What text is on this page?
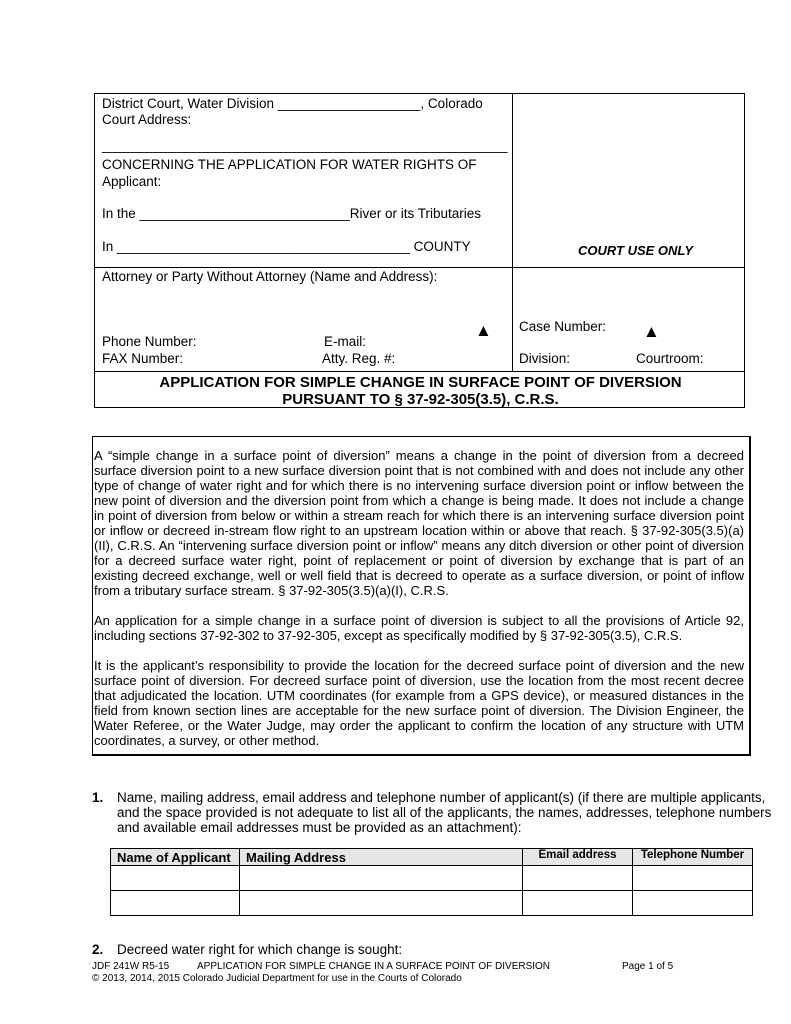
District Court, Water Division ___________________, Colorado
Court Address:
______________________________________________________
CONCERNING THE APPLICATION FOR WATER RIGHTS OF
Applicant:
In the ____________________________River or its Tributaries
In _______________________________________ COUNTY	COURT USE ONLY
Attorney or Party Without Attorney (Name and Address):
▲
Phone Number:	E-mail:
FAX Number:	Atty. Reg. #:
Case Number: ▲
Division:	Courtroom:
APPLICATION FOR SIMPLE CHANGE IN SURFACE POINT OF DIVERSION
PURSUANT TO § 37-92-305(3.5), C.R.S.
A “simple change in a surface point of diversion” means a change in the point of diversion from a decreed surface diversion point to a new surface diversion point that is not combined with and does not include any other type of change of water right and for which there is no intervening surface diversion point or inflow between the new point of diversion and the diversion point from which a change is being made. It does not include a change in point of diversion from below or within a stream reach for which there is an intervening surface diversion point or inflow or decreed in-stream flow right to an upstream location within or above that reach. § 37-92-305(3.5)(a)(II), C.R.S. An “intervening surface diversion point or inflow” means any ditch diversion or other point of diversion for a decreed surface water right, point of replacement or point of diversion by exchange that is part of an existing decreed exchange, well or well field that is decreed to operate as a surface diversion, or point of inflow from a tributary surface stream. § 37-92-305(3.5)(a)(I), C.R.S.
An application for a simple change in a surface point of diversion is subject to all the provisions of Article 92, including sections 37-92-302 to 37-92-305, except as specifically modified by § 37-92-305(3.5), C.R.S.
It is the applicant’s responsibility to provide the location for the decreed surface point of diversion and the new surface point of diversion. For decreed surface point of diversion, use the location from the most recent decree that adjudicated the location. UTM coordinates (for example from a GPS device), or measured distances in the field from known section lines are acceptable for the new surface point of diversion. The Division Engineer, the Water Referee, or the Water Judge, may order the applicant to confirm the location of any structure with UTM coordinates, a survey, or other method.
1. Name, mailing address, email address and telephone number of applicant(s) (if there are multiple applicants,
and the space provided is not adequate to list all of the applicants, the names, addresses, telephone numbers
and available email addresses must be provided as an attachment):
Name of Applicant	Mailing Address	Email address	Telephone Number

2. Decreed water right for which change is sought:
JDF 241W R5-15	APPLICATION FOR SIMPLE CHANGE IN A SURFACE POINT OF DIVERSION	Page 1 of 5
© 2013, 2014, 2015 Colorado Judicial Department for use in the Courts of Colorado
